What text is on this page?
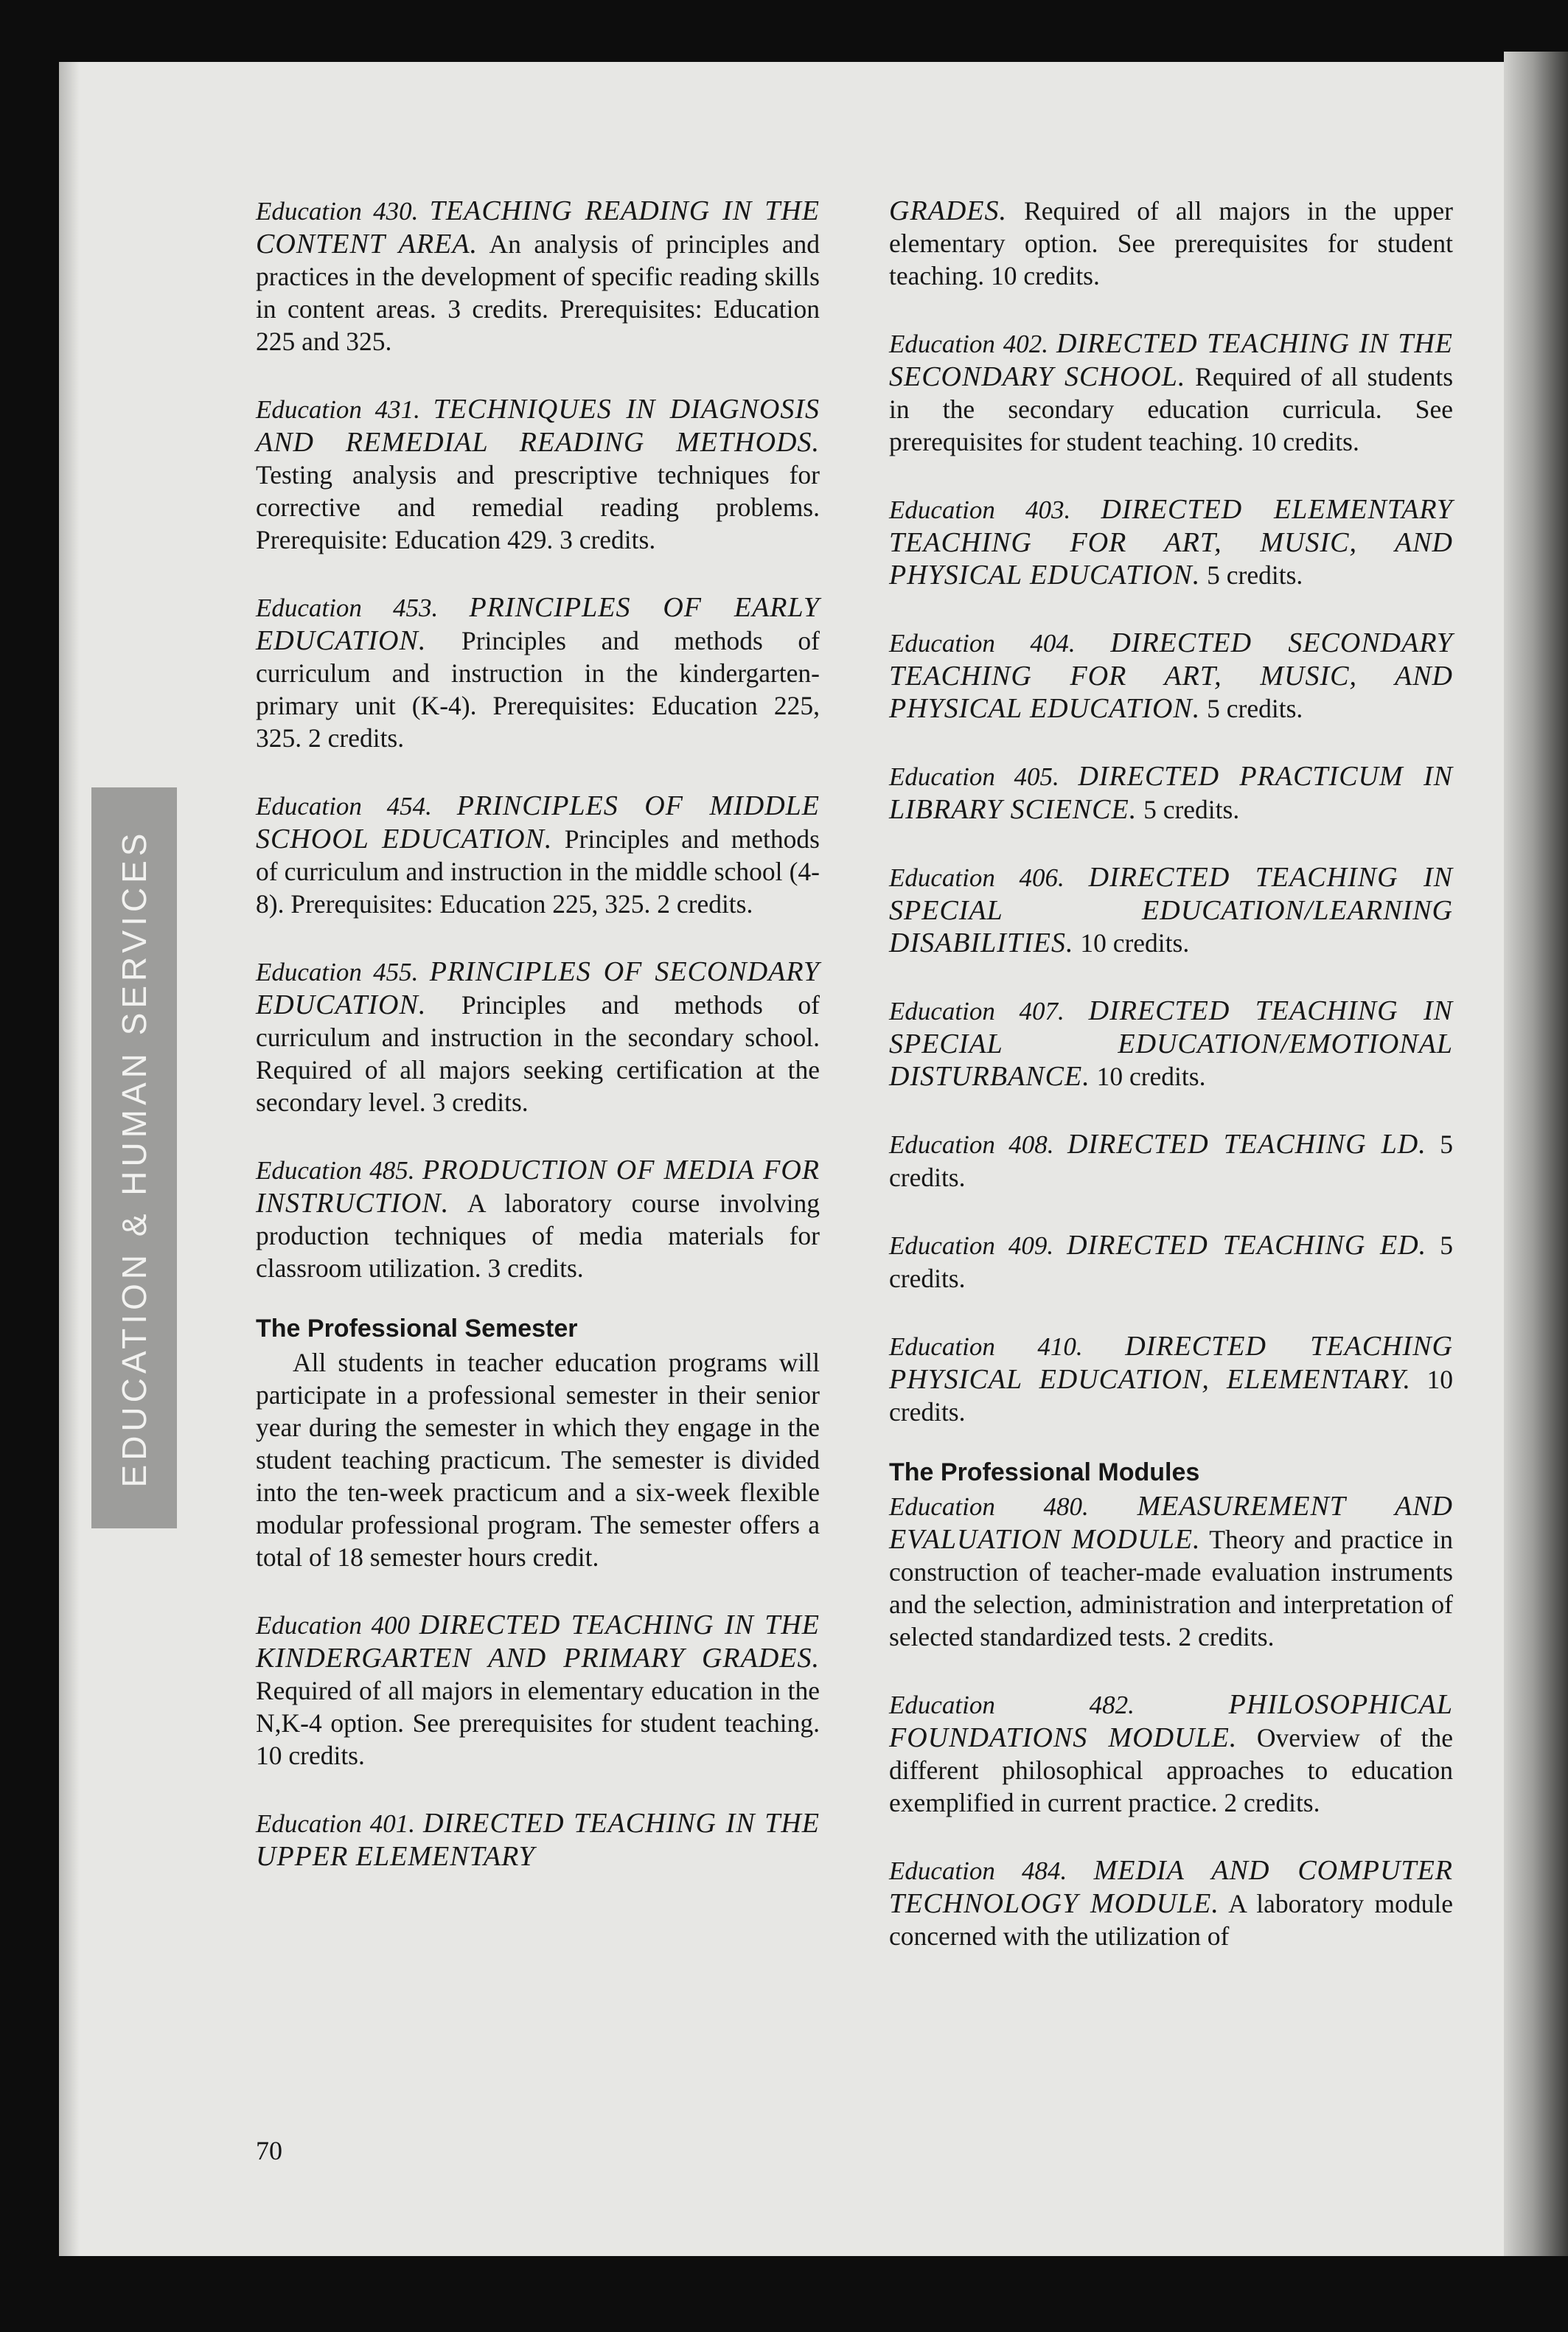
EDUCATION & HUMAN SERVICES
Education 430. TEACHING READING IN THE CONTENT AREA. An analysis of principles and practices in the development of specific reading skills in content areas. 3 credits. Prerequisites: Education 225 and 325.
Education 431. TECHNIQUES IN DIAGNOSIS AND REMEDIAL READING METHODS. Testing analysis and prescriptive techniques for corrective and remedial reading problems. Prerequisite: Education 429. 3 credits.
Education 453. PRINCIPLES OF EARLY EDUCATION. Principles and methods of curriculum and instruction in the kindergarten-primary unit (K-4). Prerequisites: Education 225, 325. 2 credits.
Education 454. PRINCIPLES OF MIDDLE SCHOOL EDUCATION. Principles and methods of curriculum and instruction in the middle school (4-8). Prerequisites: Education 225, 325. 2 credits.
Education 455. PRINCIPLES OF SECONDARY EDUCATION. Principles and methods of curriculum and instruction in the secondary school. Required of all majors seeking certification at the secondary level. 3 credits.
Education 485. PRODUCTION OF MEDIA FOR INSTRUCTION. A laboratory course involving production techniques of media materials for classroom utilization. 3 credits.
The Professional Semester

All students in teacher education programs will participate in a professional semester in their senior year during the semester in which they engage in the student teaching practicum. The semester is divided into the ten-week practicum and a six-week flexible modular professional program. The semester offers a total of 18 semester hours credit.

Education 400 DIRECTED TEACHING IN THE KINDERGARTEN AND PRIMARY GRADES. Required of all majors in elementary education in the N,K-4 option. See prerequisites for student teaching. 10 credits.
Education 401. DIRECTED TEACHING IN THE UPPER ELEMENTARY
GRADES. Required of all majors in the upper elementary option. See prerequisites for student teaching. 10 credits.
Education 402. DIRECTED TEACHING IN THE SECONDARY SCHOOL. Required of all students in the secondary education curricula. See prerequisites for student teaching. 10 credits.
Education 403. DIRECTED ELEMENTARY TEACHING FOR ART, MUSIC, AND PHYSICAL EDUCATION. 5 credits.
Education 404. DIRECTED SECONDARY TEACHING FOR ART, MUSIC, AND PHYSICAL EDUCATION. 5 credits.
Education 405. DIRECTED PRACTICUM IN LIBRARY SCIENCE. 5 credits.
Education 406. DIRECTED TEACHING IN SPECIAL EDUCATION/LEARNING DISABILITIES. 10 credits.
Education 407. DIRECTED TEACHING IN SPECIAL EDUCATION/EMOTIONAL DISTURBANCE. 10 credits.
Education 408. DIRECTED TEACHING LD. 5 credits.
Education 409. DIRECTED TEACHING ED. 5 credits.
Education 410. DIRECTED TEACHING PHYSICAL EDUCATION, ELEMENTARY. 10 credits.
The Professional Modules
Education 480. MEASUREMENT AND EVALUATION MODULE. Theory and practice in construction of teacher-made evaluation instruments and the selection, administration and interpretation of selected standardized tests. 2 credits.
Education 482.	PHILOSOPHICAL FOUNDATIONS MODULE. Overview of the different philosophical approaches to education exemplified in current practice. 2 credits.
Education 484. MEDIA AND COMPUTER TECHNOLOGY MODULE. A laboratory module concerned with the utilization of
70
